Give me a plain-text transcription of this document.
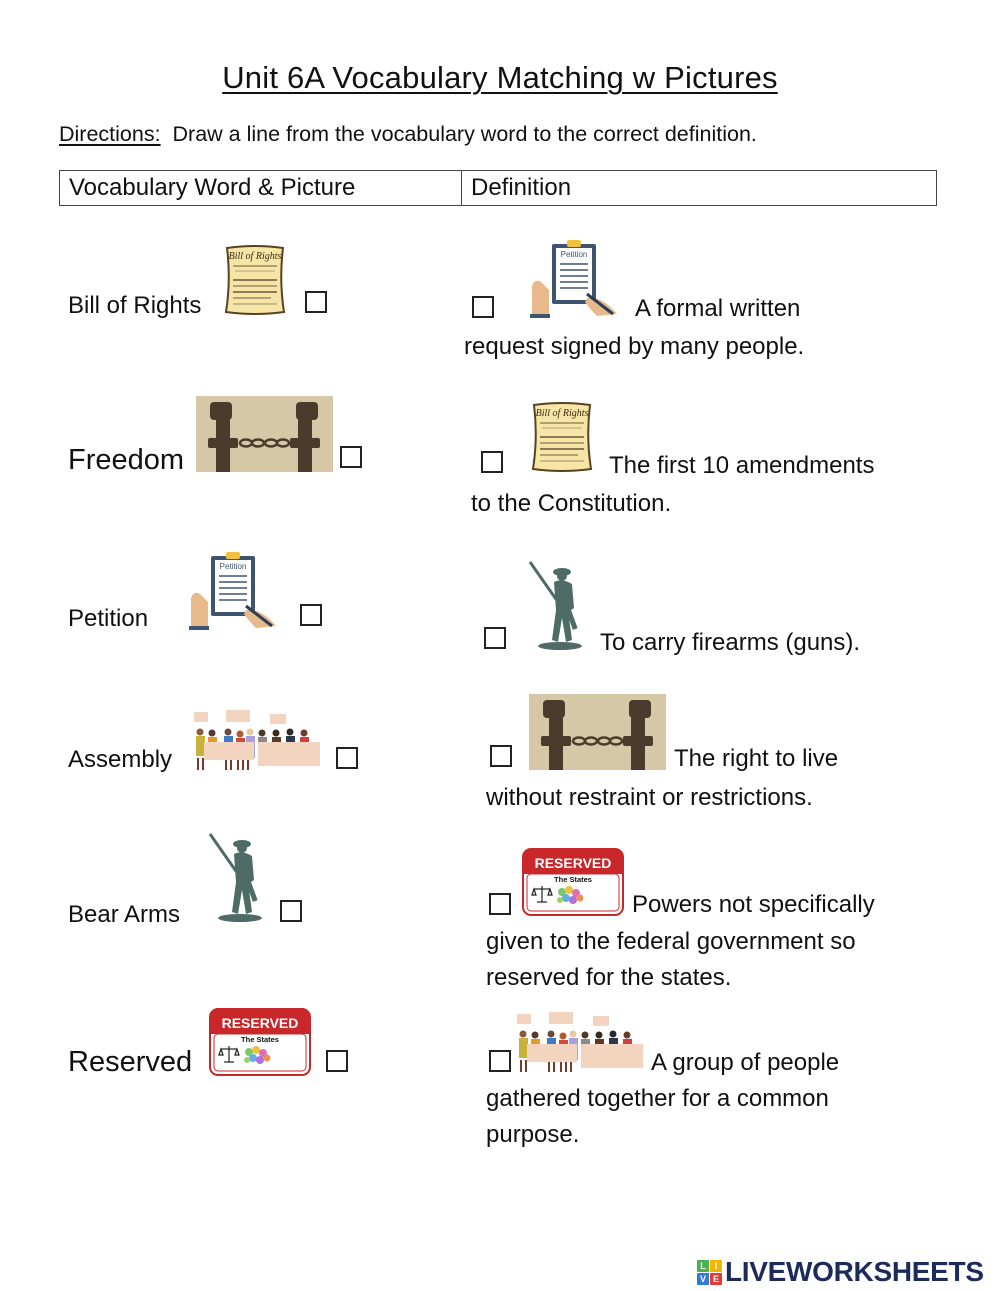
Unit 6A Vocabulary Matching w Pictures
Directions: Draw a line from the vocabulary word to the correct definition.
Vocabulary Word & Picture	Definition
Bill of Rights
Freedom
Petition
Assembly
Bear Arms
Reserved
A formal written
request signed by many people.
The first 10 amendments
to the Constitution.
To carry firearms (guns).
The right to live
without restraint or restrictions.
Powers not specifically
given to the federal government so
reserved for the states.
A group of people
gathered together for a common
purpose.
L I
V E LIVEWORKSHEETS
